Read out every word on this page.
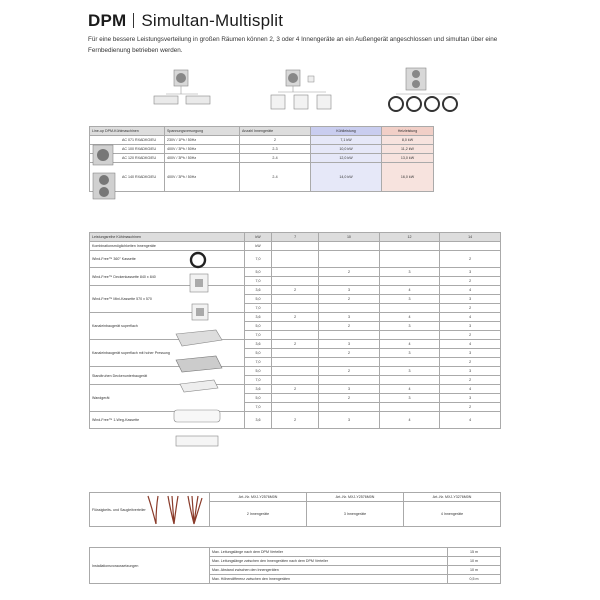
DPM Simultan-Multisplit
Für eine bessere Leistungsverteilung in großen Räumen können 2, 3 oder 4 Innengeräte an ein Außengerät angeschlossen und simultan über eine Fernbedienung betrieben werden.
Line-up DPM-Kühlmaschinen	Spannungsversorgung	Anzahl Innengeräte	Kühlleistung	Heizleistung
AC 071 RXADKG/EU	230V / 1Ph / 50Hz	2	7,1 kW	8,0 kW
AC 100 RXADKG/EU	400V / 3Ph / 50Hz	2-3	10,0 kW	11,2 kW
AC 120 RXADKG/EU	400V / 3Ph / 50Hz	2-4	12,0 kW	13,0 kW
AC 140 RXADKG/EU	400V / 3Ph / 50Hz	2-4	14,0 kW	16,0 kW
Leistungsreihe Kühlmaschinen	kW	7	10	12	14
Kombinationsmöglichkeiten Innengeräte	kW				
Wind-Free™ 360° Kassette	7,0				2
Wind-Free™ Deckenkassette 840 x 840	5,0		2	3	3
	7,0				2
Wind-Free™ Mini-Kassette 570 x 570	3,6	2	3	4	4
	5,0		2	3	3
	7,0				2
Kanaleinbaugerät superflach	3,6	2	3	4	4
	5,0		2	3	3
	7,0				2
Kanaleinbaugerät superflach mit hoher Pressung	3,6	2	3	4	4
	5,0		2	3	3
	7,0				2
Standtruhen Deckenunterbaugerät	5,0		2	3	3
	7,0				2
Wandgerät	3,6	2	3	4	4
	5,0		2	3	3
	7,0				2
Wind-Free™ 1-Weg-Kassette	3,6	2	3	4	4
Flüssigkeits- und Saugleitverteiler	Art.-Nr. MXJ-Y2576M0N	Art.-Nr. MXJ-Y2576M0N	Art.-Nr. MXJ-Y3276M0N
	2 Innengeräte	3 Innengeräte	4 Innengeräte
Installationsvoraussetzungen	Max. Leitungslänge nach dem DPM Verteiler	15 m
	Max. Leitungslänge zwischen den Innengeräten nach dem DPM Verteiler	10 m
	Max. Abstand zwischen den Innengeräten	10 m
	Max. Höhendifferenz zwischen den Innengeräten	0,5 m
